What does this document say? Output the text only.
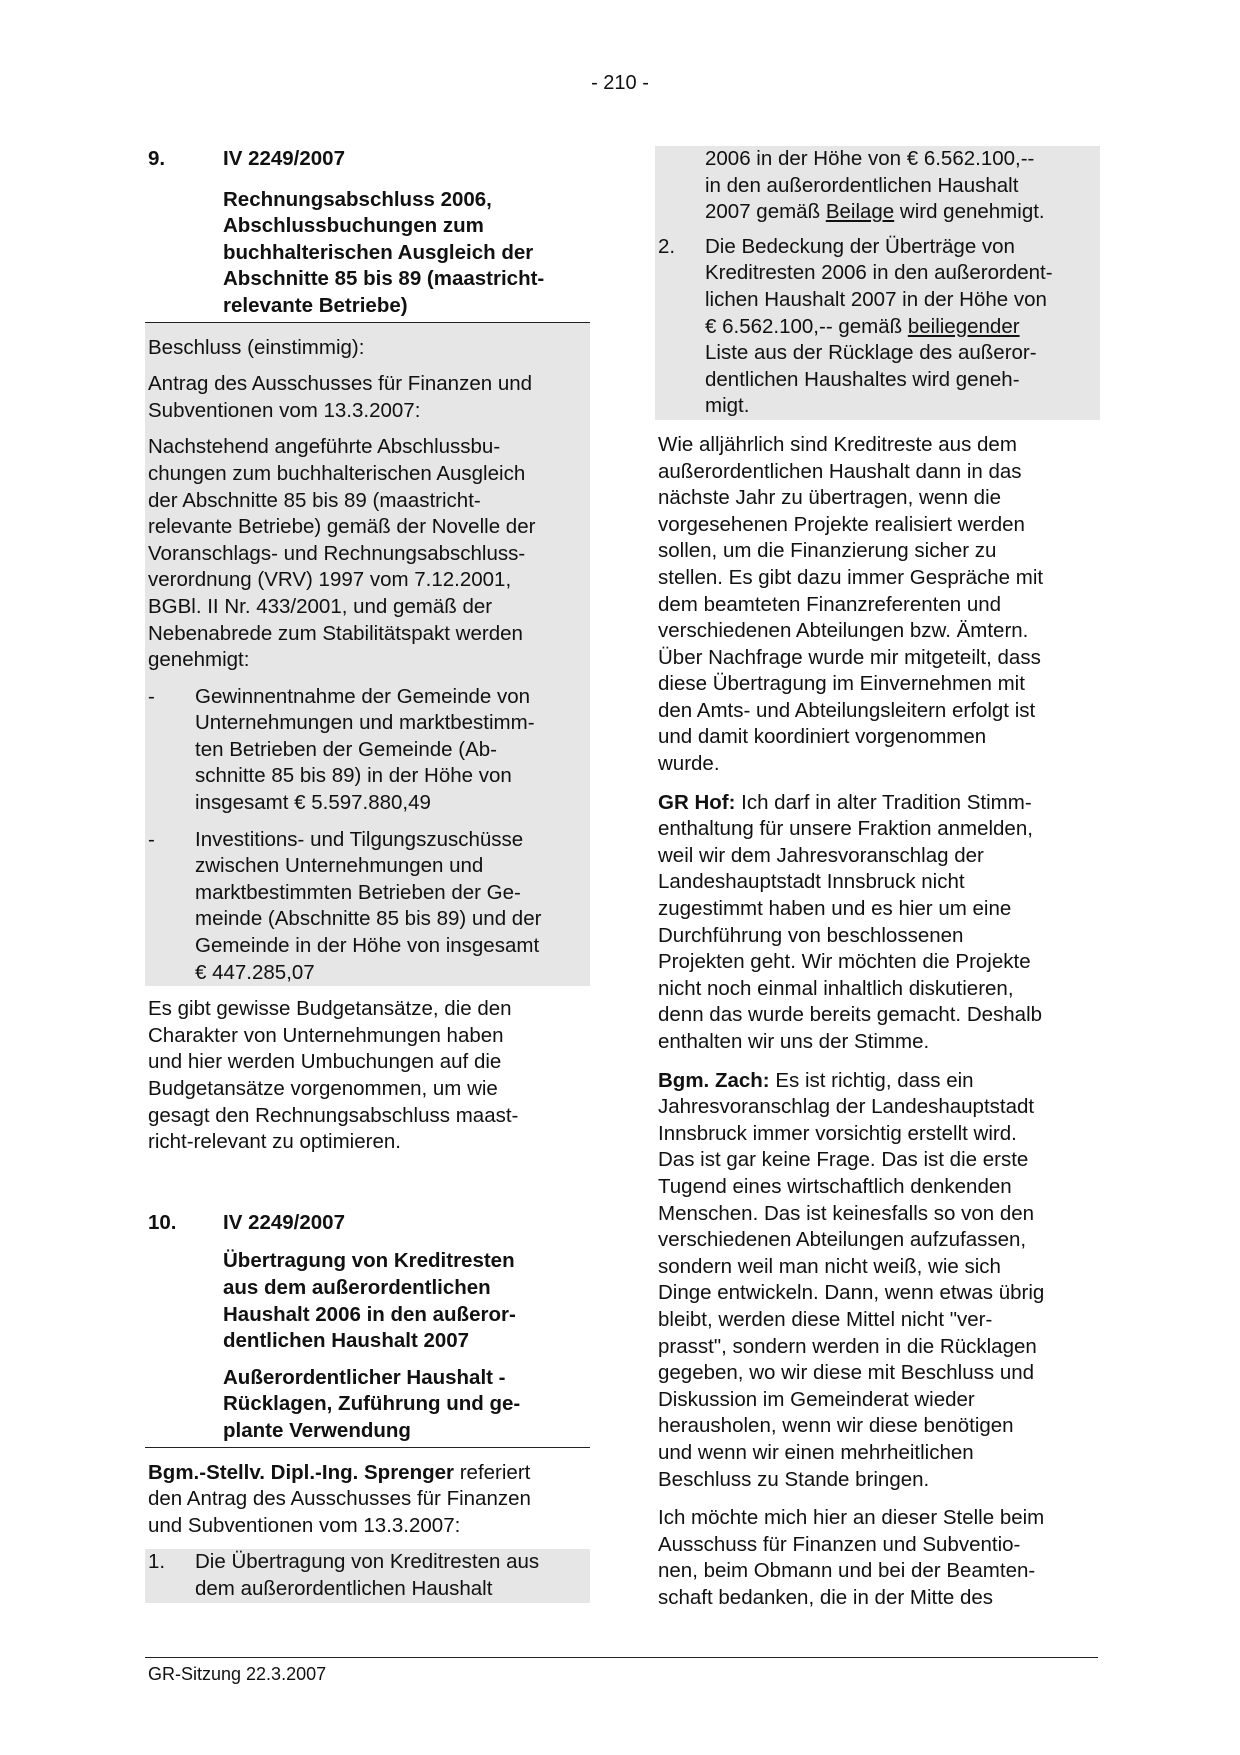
- 210 -
9.	IV 2249/2007
Rechnungsabschluss 2006,
Abschlussbuchungen zum
buchhalterischen Ausgleich der
Abschnitte 85 bis 89 (maastricht-
relevante Betriebe)

Beschluss (einstimmig):

Antrag des Ausschusses für Finanzen und
Subventionen vom 13.3.2007:

Nachstehend angeführte Abschlussbu-
chungen zum buchhalterischen Ausgleich
der Abschnitte 85 bis 89 (maastricht-
relevante Betriebe) gemäß der Novelle der
Voranschlags- und Rechnungsabschluss-
verordnung (VRV) 1997 vom 7.12.2001,
BGBl. II Nr. 433/2001, und gemäß der
Nebenabrede zum Stabilitätspakt werden
genehmigt:

- Gewinnentnahme der Gemeinde von
Unternehmungen und marktbestimm-
ten Betrieben der Gemeinde (Ab-
schnitte 85 bis 89) in der Höhe von
insgesamt € 5.597.880,49
- Investitions- und Tilgungszuschüsse
zwischen Unternehmungen und
marktbestimmten Betrieben der Ge-
meinde (Abschnitte 85 bis 89) und der
Gemeinde in der Höhe von insgesamt
€ 447.285,07

Es gibt gewisse Budgetansätze, die den
Charakter von Unternehmungen haben
und hier werden Umbuchungen auf die
Budgetansätze vorgenommen, um wie
gesagt den Rechnungsabschluss maast-
richt-relevant zu optimieren.

10. IV 2249/2007
Übertragung von Kreditresten
aus dem außerordentlichen
Haushalt 2006 in den außeror-
dentlichen Haushalt 2007
Außerordentlicher Haushalt -
Rücklagen, Zuführung und ge-
plante Verwendung

Bgm.-Stellv. Dipl.-Ing. Sprenger referiert
den Antrag des Ausschusses für Finanzen
und Subventionen vom 13.3.2007:

1. Die Übertragung von Kreditresten aus
dem außerordentlichen Haushalt
2006 in der Höhe von € 6.562.100,--
in den außerordentlichen Haushalt
2007 gemäß Beilage wird genehmigt.
2. Die Bedeckung der Überträge von
Kreditresten 2006 in den außerordent-
lichen Haushalt 2007 in der Höhe von
€ 6.562.100,-- gemäß beiliegender
Liste aus der Rücklage des außeror-
dentlichen Haushaltes wird geneh-
migt.

Wie alljährlich sind Kreditreste aus dem
außerordentlichen Haushalt dann in das
nächste Jahr zu übertragen, wenn die
vorgesehenen Projekte realisiert werden
sollen, um die Finanzierung sicher zu
stellen. Es gibt dazu immer Gespräche mit
dem beamteten Finanzreferenten und
verschiedenen Abteilungen bzw. Ämtern.
Über Nachfrage wurde mir mitgeteilt, dass
diese Übertragung im Einvernehmen mit
den Amts- und Abteilungsleitern erfolgt ist
und damit koordiniert vorgenommen
wurde.

GR Hof: Ich darf in alter Tradition Stimm-
enthaltung für unsere Fraktion anmelden,
weil wir dem Jahresvoranschlag der
Landeshauptstadt Innsbruck nicht
zugestimmt haben und es hier um eine
Durchführung von beschlossenen
Projekten geht. Wir möchten die Projekte
nicht noch einmal inhaltlich diskutieren,
denn das wurde bereits gemacht. Deshalb
enthalten wir uns der Stimme.

Bgm. Zach: Es ist richtig, dass ein
Jahresvoranschlag der Landeshauptstadt
Innsbruck immer vorsichtig erstellt wird.
Das ist gar keine Frage. Das ist die erste
Tugend eines wirtschaftlich denkenden
Menschen. Das ist keinesfalls so von den
verschiedenen Abteilungen aufzufassen,
sondern weil man nicht weiß, wie sich
Dinge entwickeln. Dann, wenn etwas übrig
bleibt, werden diese Mittel nicht "ver-
prasst", sondern werden in die Rücklagen
gegeben, wo wir diese mit Beschluss und
Diskussion im Gemeinderat wieder
herausholen, wenn wir diese benötigen
und wenn wir einen mehrheitlichen
Beschluss zu Stande bringen.

Ich möchte mich hier an dieser Stelle beim
Ausschuss für Finanzen und Subventio-
nen, beim Obmann und bei der Beamten-
schaft bedanken, die in der Mitte des

GR-Sitzung 22.3.2007
